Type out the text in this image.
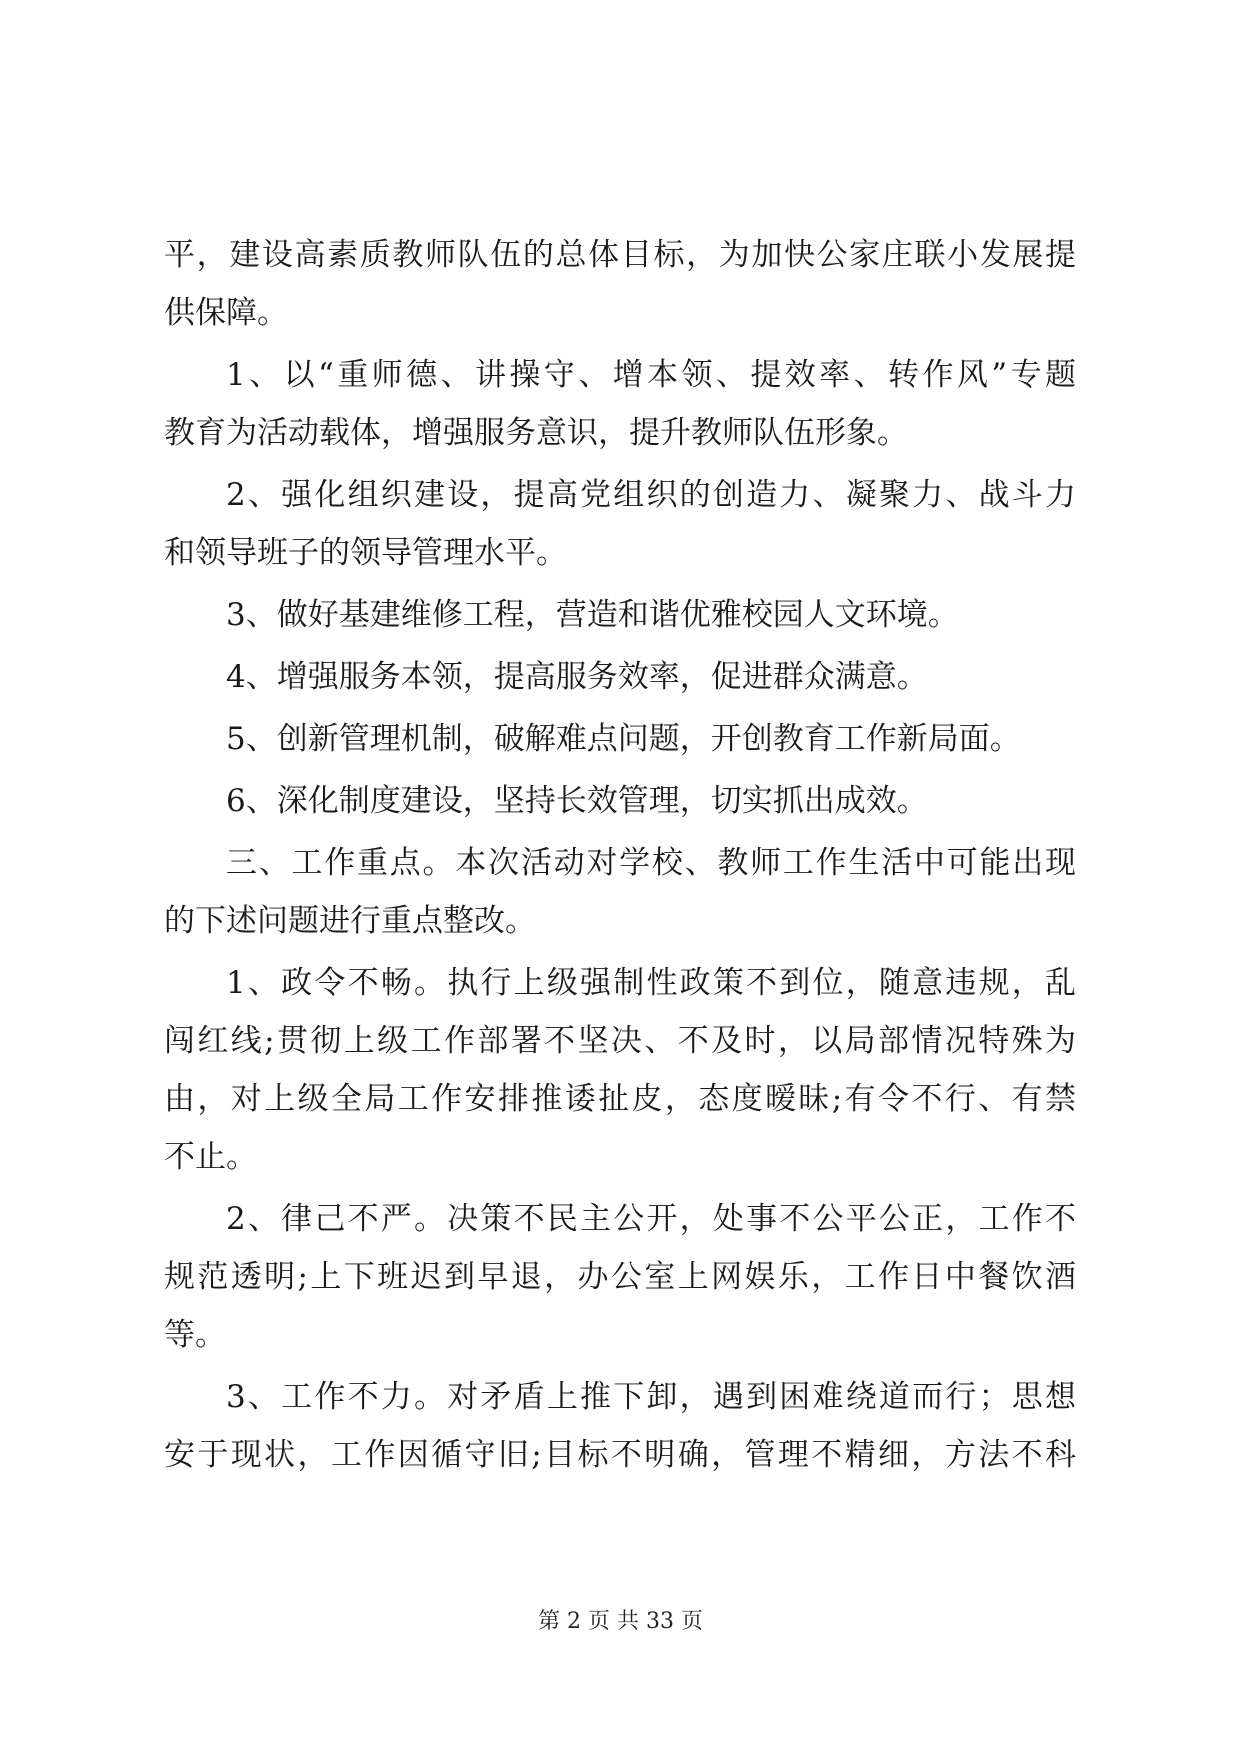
平，建设高素质教师队伍的总体目标，为加快公家庄联小发展提
供保障。
1、以“重师德、讲操守、增本领、提效率、转作风”专题
教育为活动载体，增强服务意识，提升教师队伍形象。
2、强化组织建设，提高党组织的创造力、凝聚力、战斗力
和领导班子的领导管理水平。
3、做好基建维修工程，营造和谐优雅校园人文环境。
4、增强服务本领，提高服务效率，促进群众满意。
5、创新管理机制，破解难点问题，开创教育工作新局面。
6、深化制度建设，坚持长效管理，切实抓出成效。
三、工作重点。本次活动对学校、教师工作生活中可能出现
的下述问题进行重点整改。
1、政令不畅。执行上级强制性政策不到位，随意违规，乱
闯红线;贯彻上级工作部署不坚决、不及时，以局部情况特殊为
由，对上级全局工作安排推诿扯皮，态度暧昧;有令不行、有禁
不止。
2、律己不严。决策不民主公开，处事不公平公正，工作不
规范透明;上下班迟到早退，办公室上网娱乐，工作日中餐饮酒
等。
3、工作不力。对矛盾上推下卸，遇到困难绕道而行；思想
安于现状，工作因循守旧;目标不明确，管理不精细，方法不科
第 2 页 共 33 页
